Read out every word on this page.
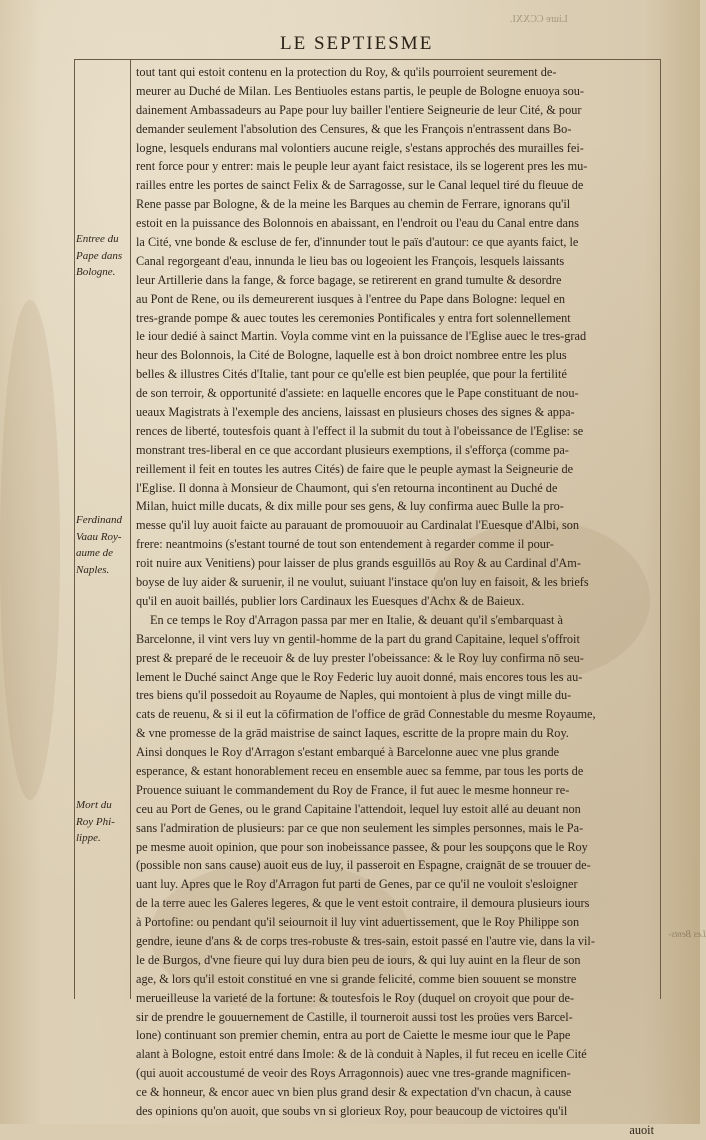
Liure CCXXI.
LE SEPTIESME
Entree du
Pape dans
Bologne.
Ferdinand
Vaau Roy-
aume de
Naples.
Mort du
Roy Phi-
lippe.
Les Bents-
tout tant qui estoit contenu en la protection du Roy, & qu'ils pourroient seurement de-
meurer au Duché de Milan. Les Bentiuoles estans partis, le peuple de Bologne enuoya sou-
dainement Ambassadeurs au Pape pour luy bailler l'entiere Seigneurie de leur Cité, & pour
demander seulement l'absolution des Censures, & que les François n'entrassent dans Bo-
logne, lesquels endurans mal volontiers aucune reigle, s'estans approchés des murailles fei-
rent force pour y entrer: mais le peuple leur ayant faict resistace, ils se logerent pres les mu-
railles entre les portes de sainct Felix & de Sarragosse, sur le Canal lequel tiré du fleuue de
Rene passe par Bologne, & de la meine les Barques au chemin de Ferrare, ignorans qu'il
estoit en la puissance des Bolonnois en abaissant, en l'endroit ou l'eau du Canal entre dans
la Cité, vne bonde & escluse de fer, d'innunder tout le païs d'autour: ce que ayants faict, le
Canal regorgeant d'eau, innunda le lieu bas ou logeoient les François, lesquels laissants
leur Artillerie dans la fange, & force bagage, se retirerent en grand tumulte & desordre
au Pont de Rene, ou ils demeurerent iusques à l'entree du Pape dans Bologne: lequel en
tres-grande pompe & auec toutes les ceremonies Pontificales y entra fort solennellement
le iour dedié à sainct Martin. Voyla comme vint en la puissance de l'Eglise auec le tres-grad
heur des Bolonnois, la Cité de Bologne, laquelle est à bon droict nombree entre les plus
belles & illustres Cités d'Italie, tant pour ce qu'elle est bien peuplée, que pour la fertilité
de son terroir, & opportunité d'assiete: en laquelle encores que le Pape constituant de nou-
ueaux Magistrats à l'exemple des anciens, laissast en plusieurs choses des signes & appa-
rences de liberté, toutesfois quant à l'effect il la submit du tout à l'obeissance de l'Eglise: se
monstrant tres-liberal en ce que accordant plusieurs exemptions, il s'efforça (comme pa-
reillement il feit en toutes les autres Cités) de faire que le peuple aymast la Seigneurie de
l'Eglise. Il donna à Monsieur de Chaumont, qui s'en retourna incontinent au Duché de
Milan, huict mille ducats, & dix mille pour ses gens, & luy confirma auec Bulle la pro-
messe qu'il luy auoit faicte au parauant de promouuoir au Cardinalat l'Euesque d'Albi, son
frere: neantmoins (s'estant tourné de tout son entendement à regarder comme il pour-
roit nuire aux Venitiens) pour laisser de plus grands esguillōs au Roy & au Cardinal d'Am-
boyse de luy aider & suruenir, il ne voulut, suiuant l'instace qu'on luy en faisoit, & les briefs
qu'il en auoit baillés, publier lors Cardinaux les Euesques d'Achx & de Baieux.
En ce temps le Roy d'Arragon passa par mer en Italie, & deuant qu'il s'embarquast à
Barcelonne, il vint vers luy vn gentil-homme de la part du grand Capitaine, lequel s'offroit
prest & preparé de le receuoir & de luy prester l'obeissance: & le Roy luy confirma nō seu-
lement le Duché sainct Ange que le Roy Federic luy auoit donné, mais encores tous les au-
tres biens qu'il possedoit au Royaume de Naples, qui montoient à plus de vingt mille du-
cats de reuenu, & si il eut la cōfirmation de l'office de grād Connestable du mesme Royaume,
& vne promesse de la grād maistrise de sainct Iaques, escritte de la propre main du Roy.
Ainsi donques le Roy d'Arragon s'estant embarqué à Barcelonne auec vne plus grande
esperance, & estant honorablement receu en ensemble auec sa femme, par tous les ports de
Prouence suiuant le commandement du Roy de France, il fut auec le mesme honneur re-
ceu au Port de Genes, ou le grand Capitaine l'attendoit, lequel luy estoit allé au deuant non
sans l'admiration de plusieurs: par ce que non seulement les simples personnes, mais le Pa-
pe mesme auoit opinion, que pour son inobeissance passee, & pour les soupçons que le Roy
(possible non sans cause) auoit eus de luy, il passeroit en Espagne, craignāt de se trouuer de-
uant luy. Apres que le Roy d'Arragon fut parti de Genes, par ce qu'il ne vouloit s'esloigner
de la terre auec les Galeres legeres, & que le vent estoit contraire, il demoura plusieurs iours
à Portofine: ou pendant qu'il seiournoit il luy vint aduertissement, que le Roy Philippe son
gendre, ieune d'ans & de corps tres-robuste & tres-sain, estoit passé en l'autre vie, dans la vil-
le de Burgos, d'vne fieure qui luy dura bien peu de iours, & qui luy auint en la fleur de son
age, & lors qu'il estoit constitué en vne si grande felicité, comme bien souuent se monstre
merueilleuse la varieté de la fortune: & toutesfois le Roy (duquel on croyoit que pour de-
sir de prendre le gouuernement de Castille, il tourneroit aussi tost les proües vers Barcel-
lone) continuant son premier chemin, entra au port de Caiette le mesme iour que le Pape
alant à Bologne, estoit entré dans Imole: & de là conduit à Naples, il fut receu en icelle Cité
(qui auoit accoustumé de veoir des Roys Arragonnois) auec vne tres-grande magnificen-
ce & honneur, & encor auec vn bien plus grand desir & expectation d'vn chacun, à cause
des opinions qu'on auoit, que soubs vn si glorieux Roy, pour beaucoup de victoires qu'il
auoit
